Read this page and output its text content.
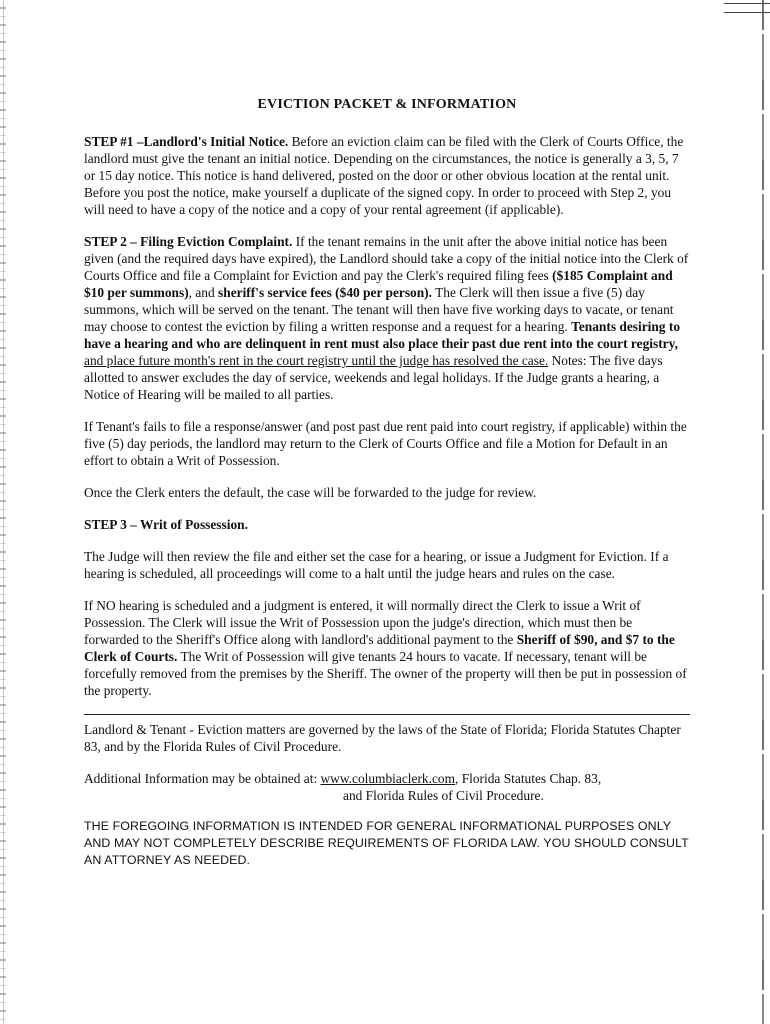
EVICTION PACKET & INFORMATION

STEP #1 –Landlord's Initial Notice. Before an eviction claim can be filed with the Clerk of Courts Office, the landlord must give the tenant an initial notice. Depending on the circumstances, the notice is generally a 3, 5, 7 or 15 day notice. This notice is hand delivered, posted on the door or other obvious location at the rental unit. Before you post the notice, make yourself a duplicate of the signed copy. In order to proceed with Step 2, you will need to have a copy of the notice and a copy of your rental agreement (if applicable).

STEP 2 – Filing Eviction Complaint. If the tenant remains in the unit after the above initial notice has been given (and the required days have expired), the Landlord should take a copy of the initial notice into the Clerk of Courts Office and file a Complaint for Eviction and pay the Clerk's required filing fees ($185 Complaint and $10 per summons), and sheriff's service fees ($40 per person). The Clerk will then issue a five (5) day summons, which will be served on the tenant. The tenant will then have five working days to vacate, or tenant may choose to contest the eviction by filing a written response and a request for a hearing. Tenants desiring to have a hearing and who are delinquent in rent must also place their past due rent into the court registry, and place future month's rent in the court registry until the judge has resolved the case. Notes: The five days allotted to answer excludes the day of service, weekends and legal holidays. If the Judge grants a hearing, a Notice of Hearing will be mailed to all parties.

If Tenant's fails to file a response/answer (and post past due rent paid into court registry, if applicable) within the five (5) day periods, the landlord may return to the Clerk of Courts Office and file a Motion for Default in an effort to obtain a Writ of Possession.

Once the Clerk enters the default, the case will be forwarded to the judge for review.

STEP 3 – Writ of Possession.

The Judge will then review the file and either set the case for a hearing, or issue a Judgment for Eviction. If a hearing is scheduled, all proceedings will come to a halt until the judge hears and rules on the case.

If NO hearing is scheduled and a judgment is entered, it will normally direct the Clerk to issue a Writ of Possession. The Clerk will issue the Writ of Possession upon the judge's direction, which must then be forwarded to the Sheriff's Office along with landlord's additional payment to the Sheriff of $90, and $7 to the Clerk of Courts. The Writ of Possession will give tenants 24 hours to vacate. If necessary, tenant will be forcefully removed from the premises by the Sheriff. The owner of the property will then be put in possession of the property.

Landlord & Tenant - Eviction matters are governed by the laws of the State of Florida; Florida Statutes Chapter 83, and by the Florida Rules of Civil Procedure.

Additional Information may be obtained at: www.columbiaclerk.com, Florida Statutes Chap. 83,
and Florida Rules of Civil Procedure.
THE FOREGOING INFORMATION IS INTENDED FOR GENERAL INFORMATIONAL PURPOSES ONLY AND MAY NOT COMPLETELY DESCRIBE REQUIREMENTS OF FLORIDA LAW. YOU SHOULD CONSULT AN ATTORNEY AS NEEDED.
